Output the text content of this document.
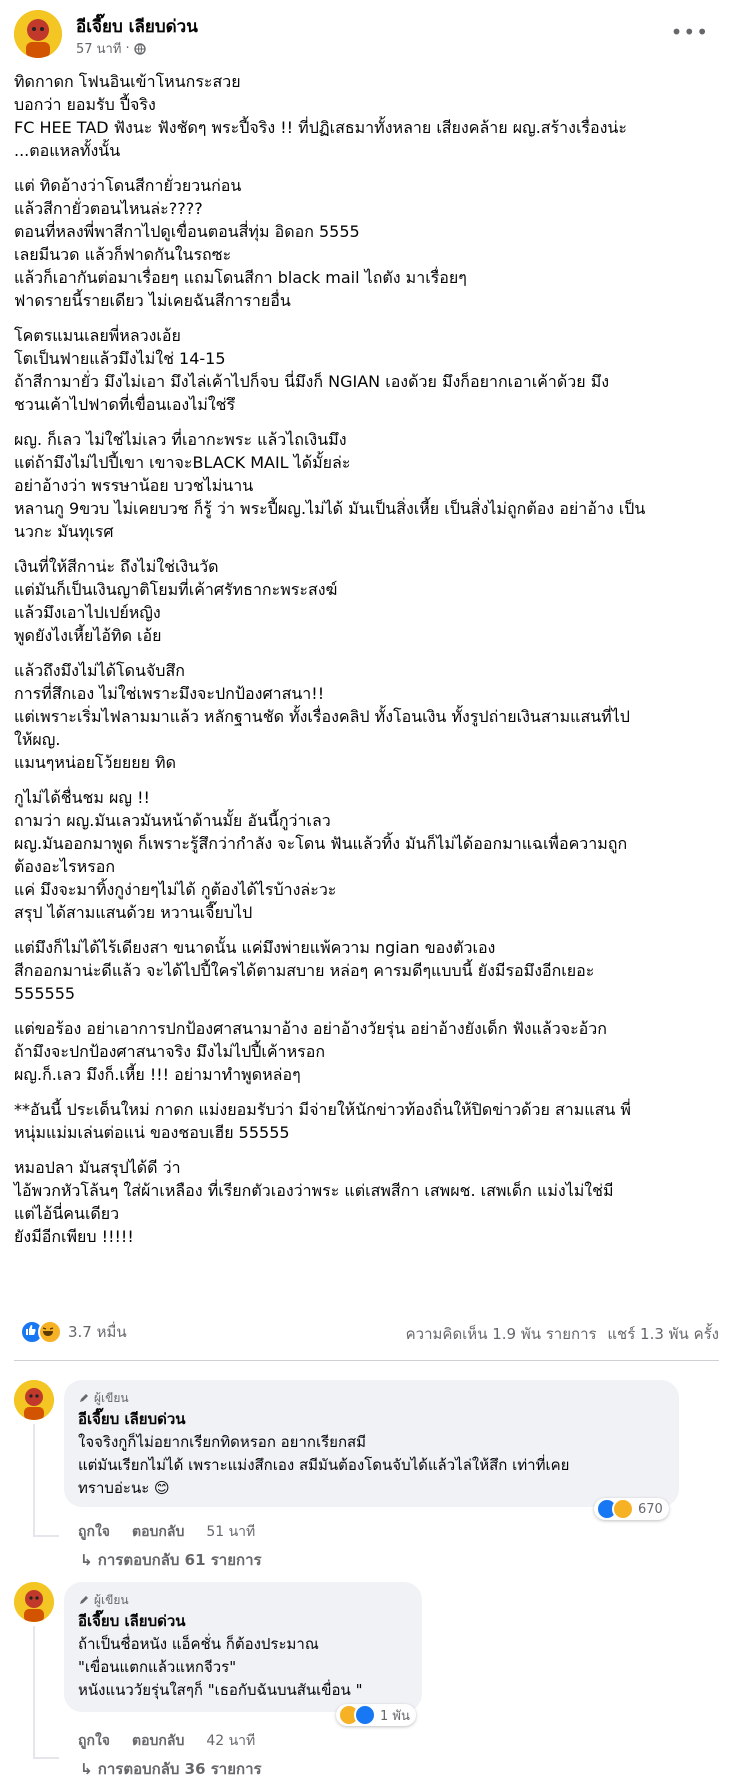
อีเจี๊ยบ เลียบด่วน
57 นาที ·
•••
ทิดกาดก โฟนอินเข้าโหนกระสวย
บอกว่า ยอมรับ ปี้จริง
FC HEE TAD ฟังนะ ฟังชัดๆ พระปี้จริง !! ที่ปฏิเสธมาทั้งหลาย เสียงคล้าย ผญ.สร้างเรื่องน่ะ
...ตอแหลทั้งนั้น
แต่ ทิดอ้างว่าโดนสีกายั่วยวนก่อน
แล้วสีกายั่วตอนไหนล่ะ????
ตอนที่หลงพี่พาสีกาไปดูเขื่อนตอนสี่ทุ่ม อิดอก 5555
เลยมีนวด แล้วก็ฟาดกันในรถซะ
แล้วก็เอากันต่อมาเรื่อยๆ แถมโดนสีกา black mail ไถตัง มาเรื่อยๆ
ฟาดรายนี้รายเดียว ไม่เคยฉันสีการายอื่น
โคตรแมนเลยพี่หลวงเอ้ย
โตเป็นฟายแล้วมึงไม่ใช่ 14-15
ถ้าสีกามายั่ว มึงไม่เอา มึงไล่เค้าไปก็จบ นี่มึงก็ NGIAN เองด้วย มึงก็อยากเอาเค้าด้วย มึง
ชวนเค้าไปฟาดที่เขื่อนเองไม่ใช่รึ
ผญ. ก็เลว ไม่ใช่ไม่เลว ที่เอากะพระ แล้วไถเงินมึง
แต่ถ้ามึงไม่ไปปี้เขา เขาจะBLACK MAIL ได้มั้ยล่ะ
อย่าอ้างว่า พรรษาน้อย บวชไม่นาน
หลานกู 9ขวบ ไม่เคยบวช ก็รู้ ว่า พระปี้ผญ.ไม่ได้ มันเป็นสิ่งเหี้ย เป็นสิ่งไม่ถูกต้อง อย่าอ้าง เป็น
นวกะ มันทุเรศ
เงินที่ให้สีกาน่ะ ถึงไม่ใช่เงินวัด
แต่มันก็เป็นเงินญาติโยมที่เค้าศรัทธากะพระสงฆ์
แล้วมึงเอาไปเปย์หญิง
พูดยังไงเหี้ยไอ้ทิด เอ้ย
แล้วถึงมึงไม่ได้โดนจับสึก
การที่สึกเอง ไม่ใช่เพราะมึงจะปกป้องศาสนา!!
แต่เพราะเริ่มไฟลามมาแล้ว หลักฐานชัด ทั้งเรื่องคลิป ทั้งโอนเงิน ทั้งรูปถ่ายเงินสามแสนที่ไป
ให้ผญ.
แมนๆหน่อยโว้ยยยย ทิด
กูไม่ได้ชื่นชม ผญ !!
ถามว่า ผญ.มันเลวมันหน้าด้านมั้ย อันนี้กูว่าเลว
ผญ.มันออกมาพูด ก็เพราะรู้สึกว่ากำลัง จะโดน ฟันแล้วทิ้ง มันก็ไม่ได้ออกมาแฉเพื่อความถูก
ต้องอะไรหรอก
แค่ มึงจะมาทิ้งกูง่ายๆไม่ได้ กูต้องได้ไรบ้างล่ะวะ
สรุป ได้สามแสนด้วย หวานเจี๊ยบไป
แต่มึงก็ไม่ได้ไร้เดียงสา ขนาดนั้น แค่มึงพ่ายแพ้ความ ngian ของตัวเอง
สีกออกมาน่ะดีแล้ว จะได้ไปปี้ใครได้ตามสบาย หล่อๆ คารมดีๆแบบนี้ ยังมีรอมึงอีกเยอะ
555555
แต่ขอร้อง อย่าเอาการปกป้องศาสนามาอ้าง อย่าอ้างวัยรุ่น อย่าอ้างยังเด็ก ฟังแล้วจะอ้วก
ถ้ามึงจะปกป้องศาสนาจริง มึงไม่ไปปี้เค้าหรอก
ผญ.ก็.เลว มึงก็.เหี้ย !!! อย่ามาทำพูดหล่อๆ
**อันนี้ ประเด็นใหม่ กาดก แม่งยอมรับว่า มีจ่ายให้นักข่าวท้องถิ่นให้ปิดข่าวด้วย สามแสน พี่
หนุ่มแม่มเล่นต่อแน่ ของชอบเฮีย 55555
หมอปลา มันสรุปได้ดี ว่า
ไอ้พวกหัวโล้นๆ ใส่ผ้าเหลือง ที่เรียกตัวเองว่าพระ แต่เสพสีกา เสพผช. เสพเด็ก แม่งไม่ใช่มี
แต่ไอ้นี่คนเดียว
ยังมีอีกเพียบ !!!!!
3.7 หมื่น	ความคิดเห็น 1.9 พัน รายการ แชร์ 1.3 พัน ครั้ง
ผู้เขียน
อีเจี๊ยบ เลียบด่วน
ใจจริงกูก็ไม่อยากเรียกทิดหรอก อยากเรียกสมี
แต่มันเรียกไม่ได้ เพราะแม่งสึกเอง สมีมันต้องโดนจับได้แล้วไล่ให้สึก เท่าที่เคย
ทราบอ่ะนะ 😊
670
ถูกใจ ตอบกลับ 51 นาที
↳ การตอบกลับ 61 รายการ
ผู้เขียน
อีเจี๊ยบ เลียบด่วน
ถ้าเป็นชื่อหนัง แอ็คชั่น ก็ต้องประมาณ
"เขื่อนแตกแล้วแหกจีวร"
หนังแนววัยรุ่นใสๆก็ "เธอกับฉันบนสันเขื่อน "
1 พัน
ถูกใจ ตอบกลับ 42 นาที
↳ การตอบกลับ 36 รายการ
